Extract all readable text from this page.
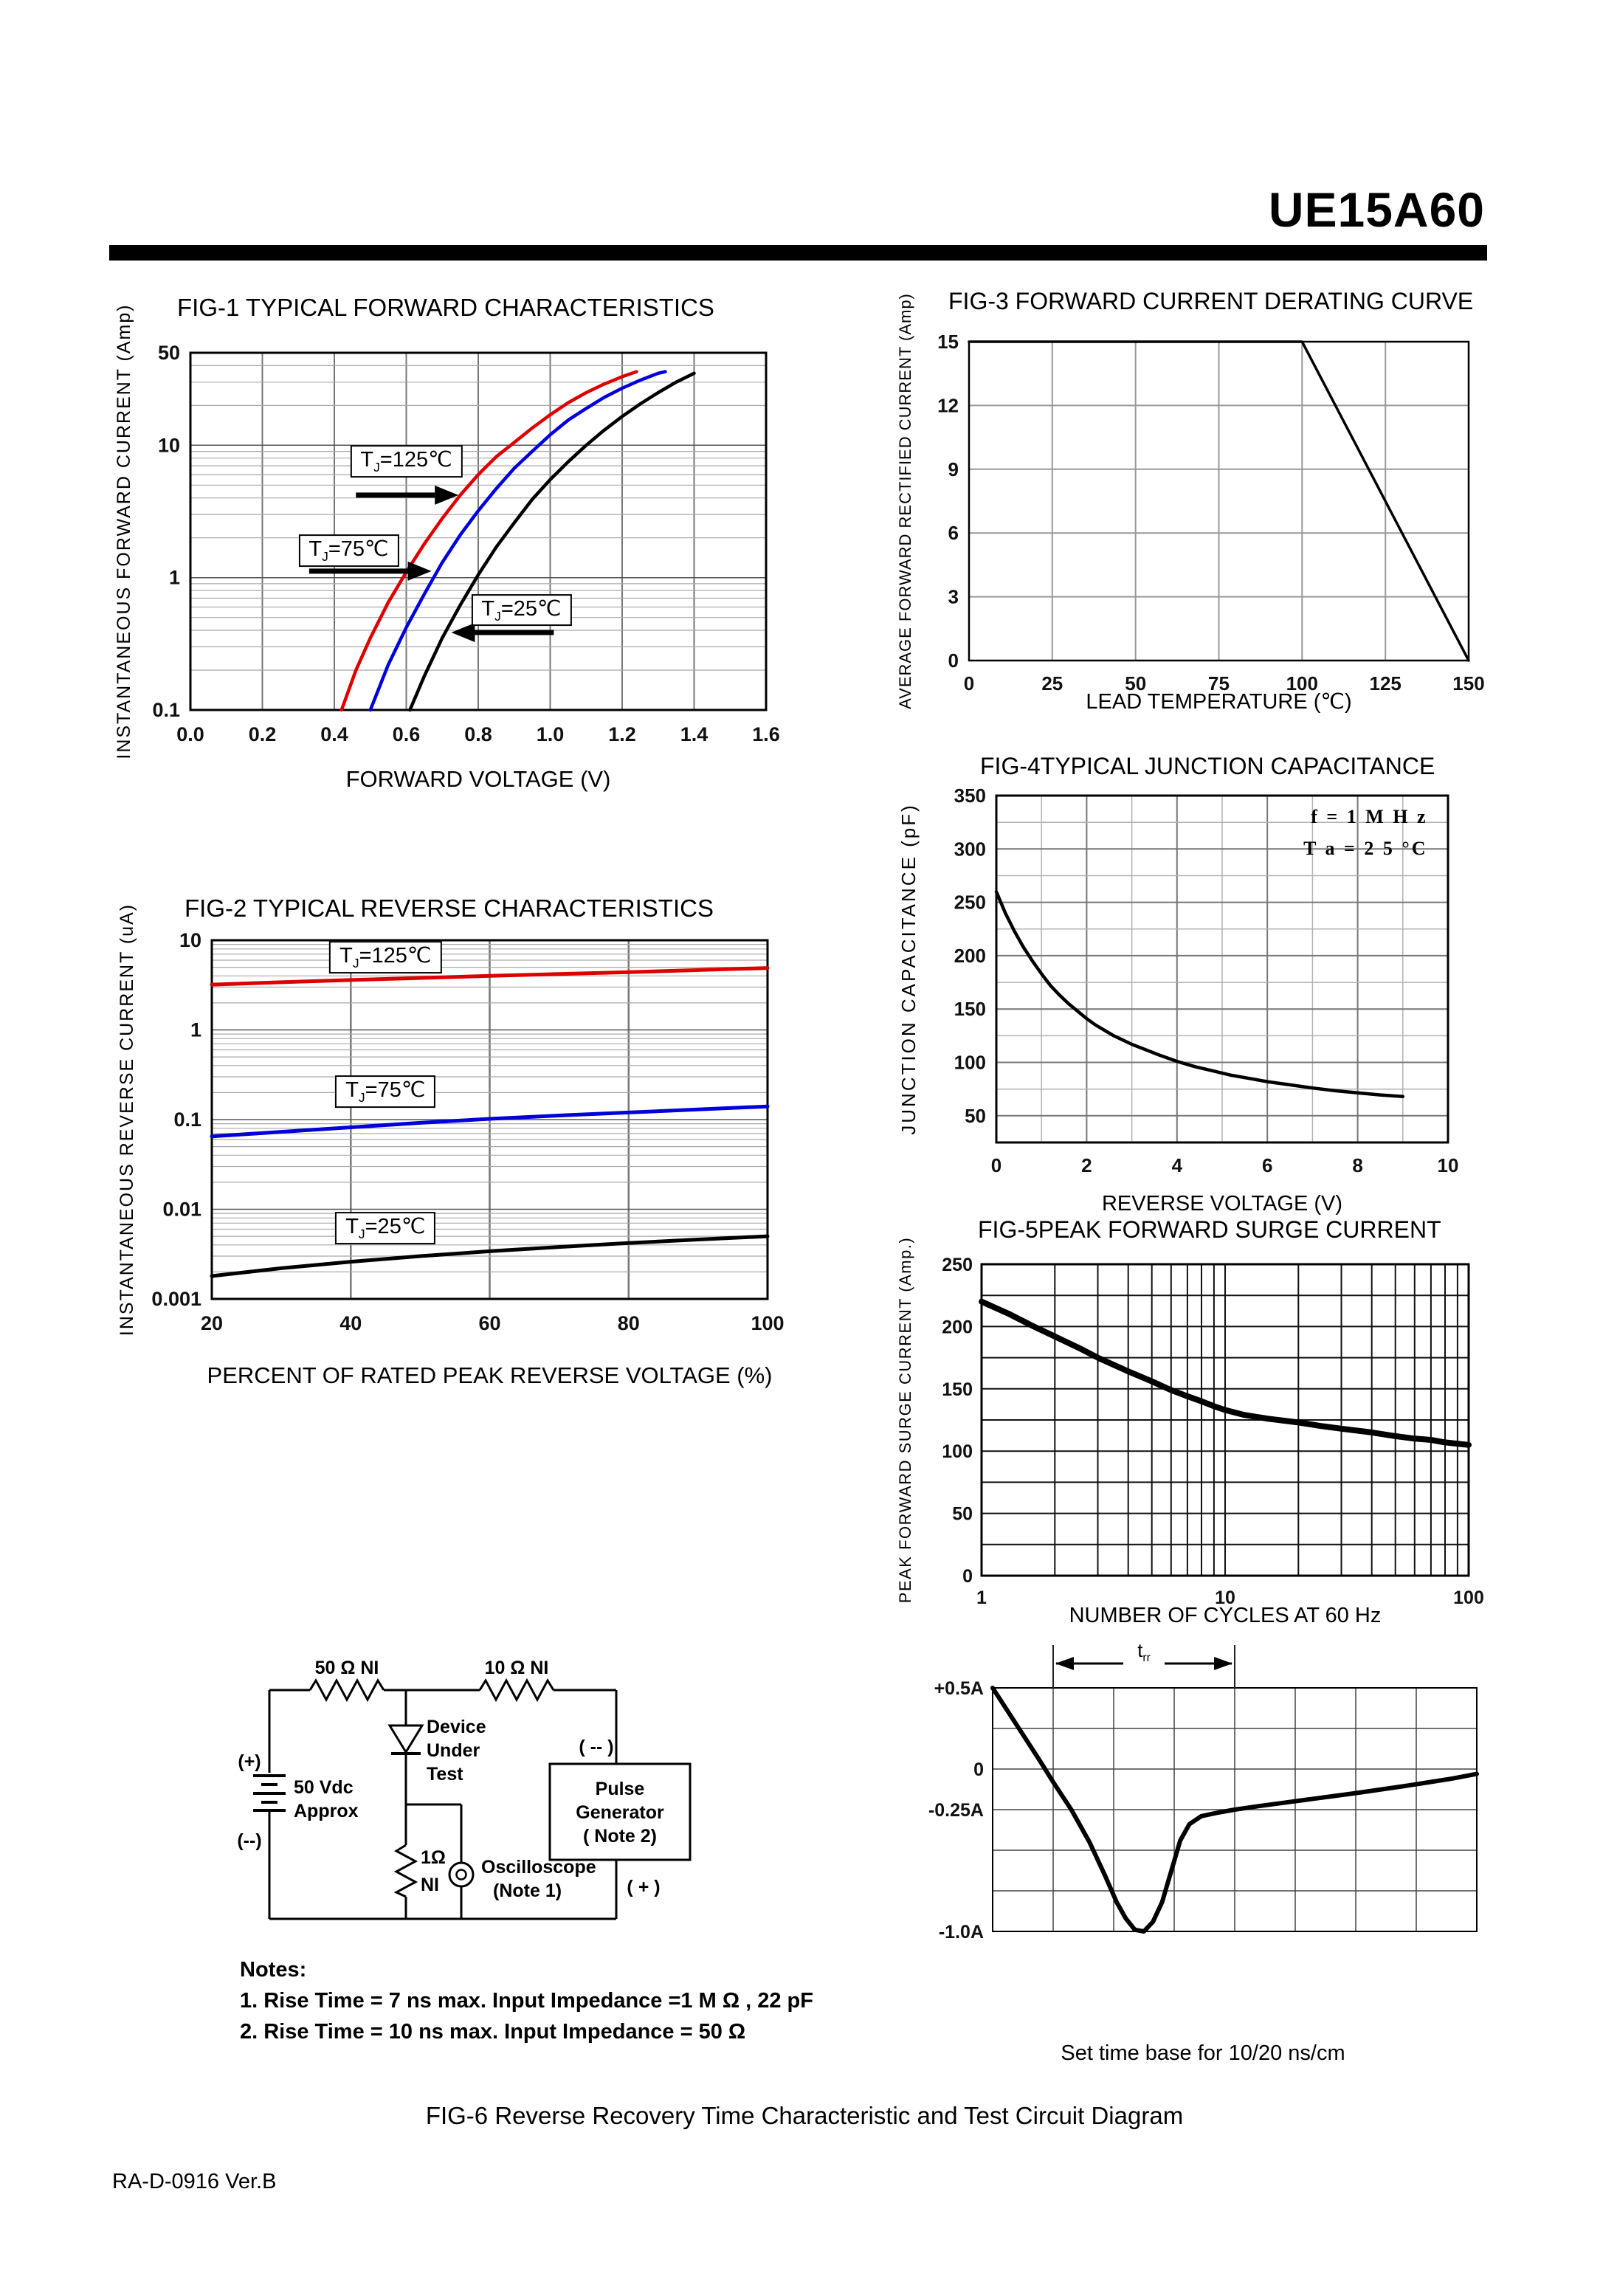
UE15A60
FIG-1 TYPICAL FORWARD CHARACTERISTICS
0.0 0.2 0.4 0.6 0.8 1.0 1.2 1.4 1.6
50
10
1
0.1
FORWARD VOLTAGE (V)
INSTANTANEOUS FORWARD CURRENT (Amp)	$T_J=125℃$
$T_J=75℃$
$T_J=25℃$
FIG-2 TYPICAL REVERSE CHARACTERISTICS
20	40	60	80	100
10
1
0.1
0.01
0.001
PERCENT OF RATED PEAK REVERSE VOLTAGE (%)
INSTANTANEOUS REVERSE CURRENT (uA)	$T_J=125℃$
$T_J=75℃$
$T_J=25℃$
FIG-3 FORWARD CURRENT DERATING CURVE
0	25	50	75	100	125	150
15
12
9
6
3
0
LEAD TEMPERATURE (℃)
AVERAGE FORWARD RECTIFIED CURRENT (Amp)
FIG-4TYPICAL JUNCTION CAPACITANCE
0	2	4	6	8	10
350
300
250
200
150
100
50
REVERSE VOLTAGE (V)
JUNCTION CAPACITANCE (pF)	f = 1 M H z
T a = 2 5 °C
FIG-5PEAK FORWARD SURGE CURRENT
1	10	100
250
200
150
100
50
0
NUMBER OF CYCLES AT 60 Hz
PEAK FORWARD SURGE CURRENT (Amp.)
+0.5A
0
-0.25A
-1.0A
$t_{rr}$
50 Ω NI	10 Ω NI
Device
Under
Test
(+)
(--)
50 Vdc
Approx
1Ω
NI
Oscilloscope
(Note 1)
Pulse
Generator
( Note 2)
( -- )
( + )
Notes:
1. Rise Time = 7 ns max. Input Impedance =1 M Ω , 22 pF
2. Rise Time = 10 ns max. Input Impedance = 50 Ω
Set time base for 10/20 ns/cm
FIG-6 Reverse Recovery Time Characteristic and Test Circuit Diagram
RA-D-0916 Ver.B
